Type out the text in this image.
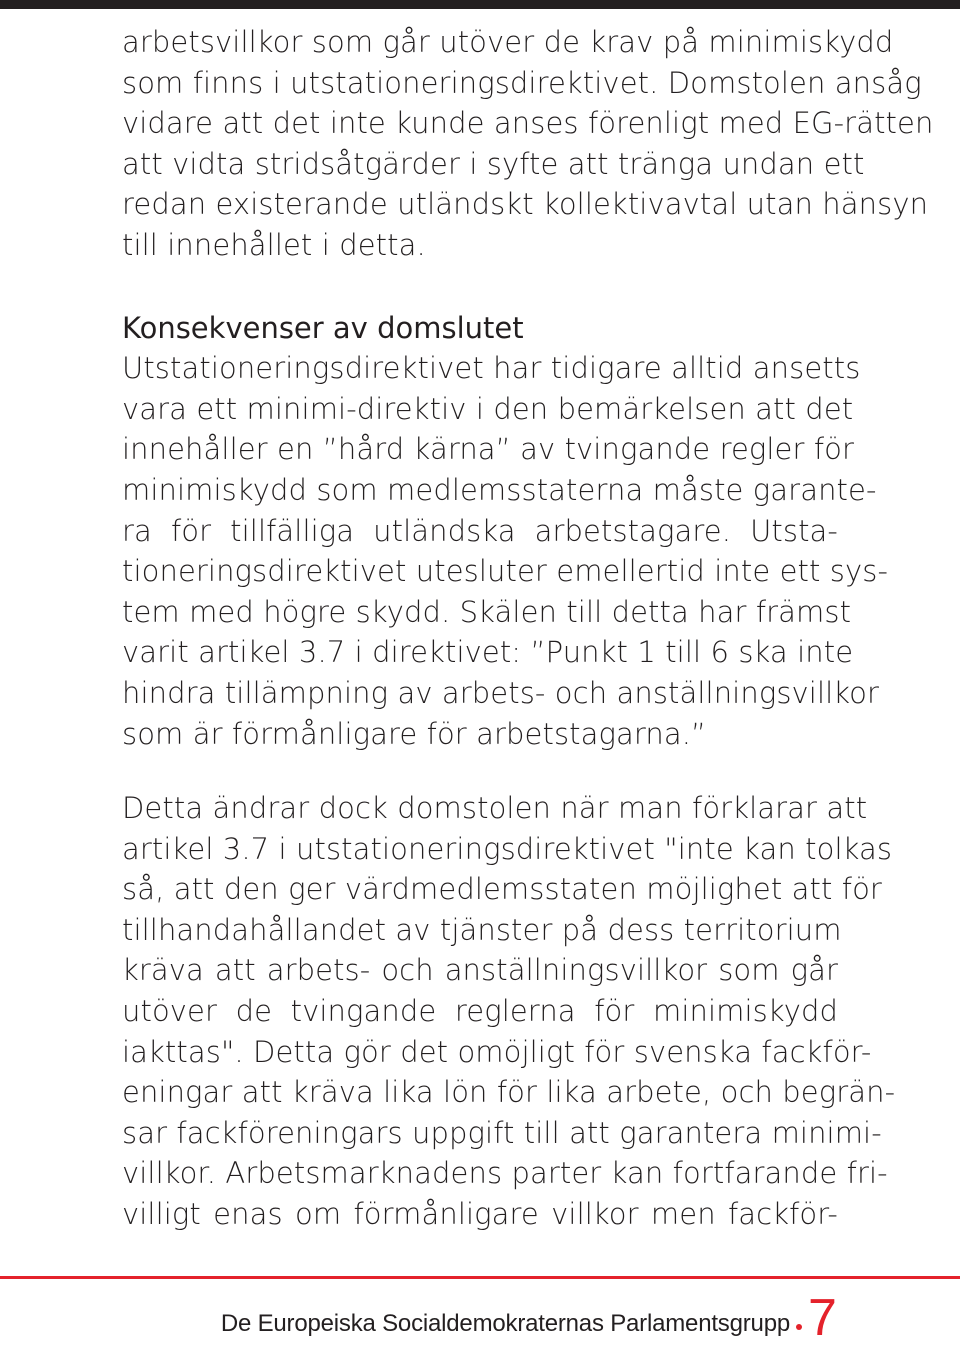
arbetsvillkor som går utöver de krav på minimiskydd
som finns i utstationeringsdirektivet. Domstolen ansåg
vidare att det inte kunde anses förenligt med EG-rätten
att vidta stridsåtgärder i syfte att tränga undan ett
redan existerande utländskt kollektivavtal utan hänsyn
till innehållet i detta.
Konsekvenser av domslutet
Utstationeringsdirektivet har tidigare alltid ansetts
vara ett minimi-direktiv i den bemärkelsen att det
innehåller en ”hård kärna” av tvingande regler för
minimiskydd som medlemsstaterna måste garante-
ra för tillfälliga utländska arbetstagare. Utsta-
tioneringsdirektivet utesluter emellertid inte ett sys-
tem med högre skydd. Skälen till detta har främst
varit artikel 3.7 i direktivet: ”Punkt 1 till 6 ska inte
hindra tillämpning av arbets- och anställningsvillkor
som är förmånligare för arbetstagarna.”
Detta ändrar dock domstolen när man förklarar att
artikel 3.7 i utstationeringsdirektivet "inte kan tolkas
så, att den ger värdmedlemsstaten möjlighet att för
tillhandahållandet av tjänster på dess territorium
kräva att arbets- och anställningsvillkor som går
utöver de tvingande reglerna för minimiskydd
iakttas". Detta gör det omöjligt för svenska fackför-
eningar att kräva lika lön för lika arbete, och begrän-
sar fackföreningars uppgift till att garantera minimi-
villkor. Arbetsmarknadens parter kan fortfarande fri-
villigt enas om förmånligare villkor men fackför-
De Europeiska Socialdemokraternas Parlamentsgrupp 7
